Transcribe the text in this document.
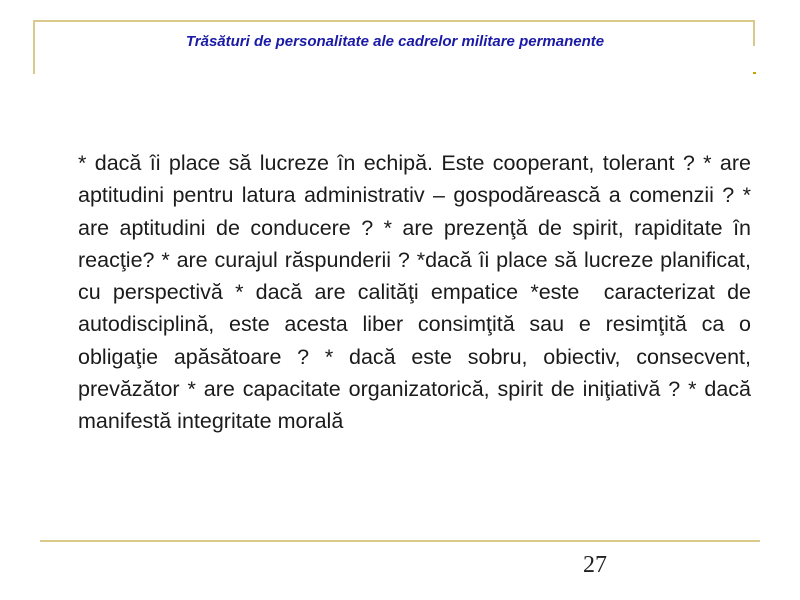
Trăsături de personalitate ale cadrelor militare permanente

* dacă îi place să lucreze în echipă. Este cooperant, tolerant ? * are aptitudini pentru latura administrativ – gospodărească a comenzii ? * are aptitudini de conducere ? * are prezenţă de spirit, rapiditate în reacţie? * are curajul răspunderii ? *dacă îi place să lucreze planificat, cu perspectivă * dacă are calităţi empatice *este  caracterizat de autodisciplină, este acesta liber consimţită sau e resimţită ca o obligaţie apăsătoare ? * dacă este sobru, obiectiv, consecvent, prevăzător * are capacitate organizatorică, spirit de iniţiativă ? * dacă manifestă integritate morală

27
